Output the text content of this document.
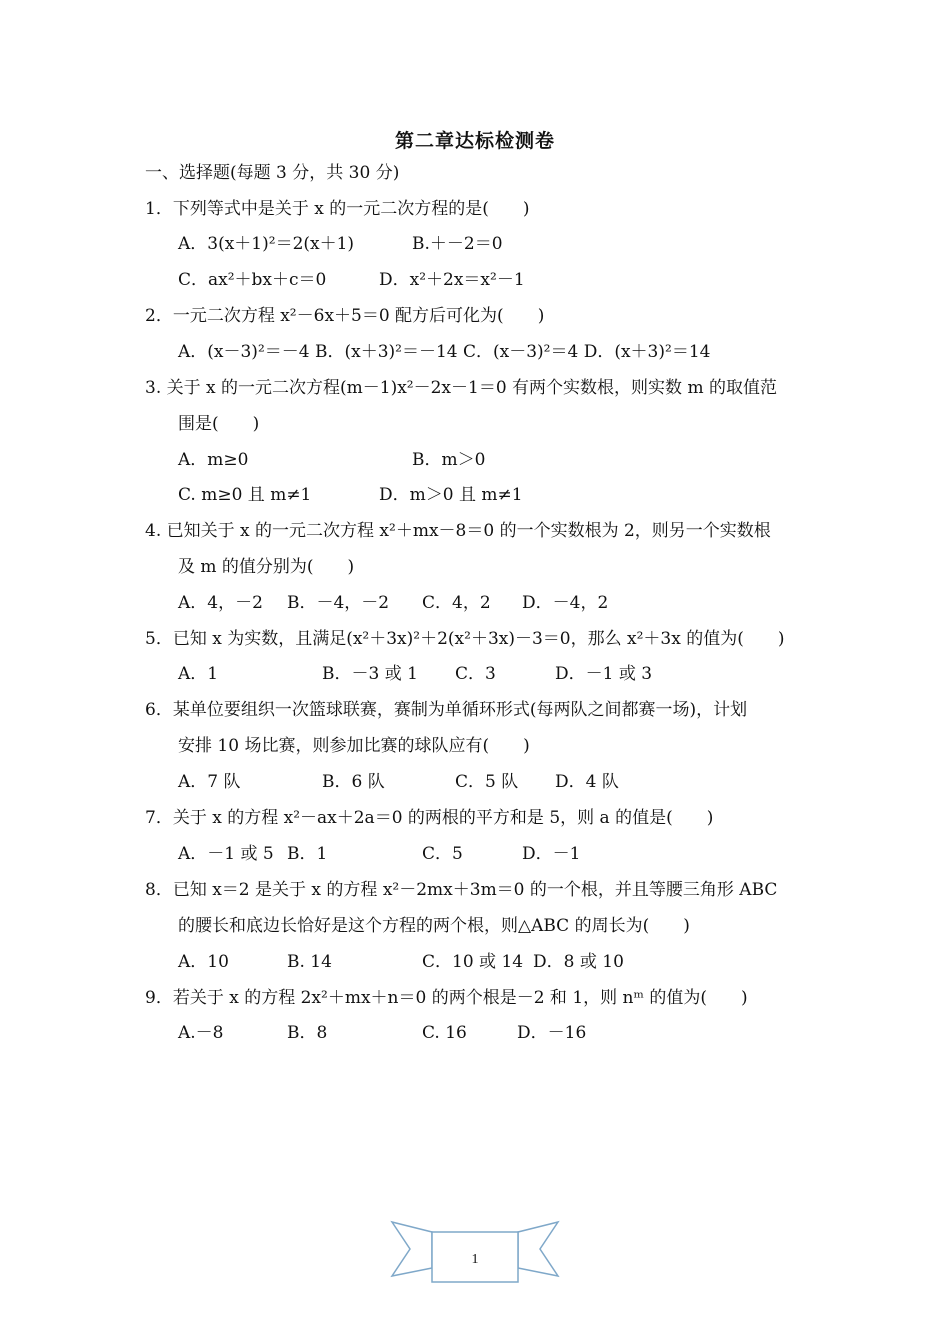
第二章达标检测卷
一、选择题(每题 3 分，共 30 分)
1．下列等式中是关于 x 的一元二次方程的是(　　)
A．3(x＋1)²＝2(x＋1)	B.＋－2＝0
C．ax²＋bx＋c＝0	D．x²＋2x＝x²－1
2．一元二次方程 x²－6x＋5＝0 配方后可化为(　　)
A．(x－3)²＝－4 B．(x＋3)²＝－14 C．(x－3)²＝4 D．(x＋3)²＝14
3. 关于 x 的一元二次方程(m－1)x²－2x－1＝0 有两个实数根，则实数 m 的取值范
围是(　　)
A．m≥0	B．m＞0
C. m≥0 且 m≠1	D．m＞0 且 m≠1
4. 已知关于 x 的一元二次方程 x²＋mx－8＝0 的一个实数根为 2，则另一个实数根
及 m 的值分别为(　　)
A．4，－2 B．－4，－2 C．4，2 D．－4，2
5．已知 x 为实数，且满足(x²＋3x)²＋2(x²＋3x)－3＝0，那么 x²＋3x 的值为(　　)
A．1	B．－3 或 1 C．3	D．－1 或 3
6．某单位要组织一次篮球联赛，赛制为单循环形式(每两队之间都赛一场)，计划
安排 10 场比赛，则参加比赛的球队应有(　　)
A．7 队	B．6 队	C．5 队 D．4 队
7．关于 x 的方程 x²－ax＋2a＝0 的两根的平方和是 5，则 a 的值是(　　)
A．－1 或 5 B．1	C．5	D．－1
8．已知 x＝2 是关于 x 的方程 x²－2mx＋3m＝0 的一个根，并且等腰三角形 ABC
的腰长和底边长恰好是这个方程的两个根，则△ABC 的周长为(　　)
A．10	B. 14	C．10 或 14 D．8 或 10
9．若关于 x 的方程 2x²＋mx＋n＝0 的两个根是－2 和 1，则 nᵐ 的值为(　　)
A.－8	B．8	C. 16	D．－16
1
